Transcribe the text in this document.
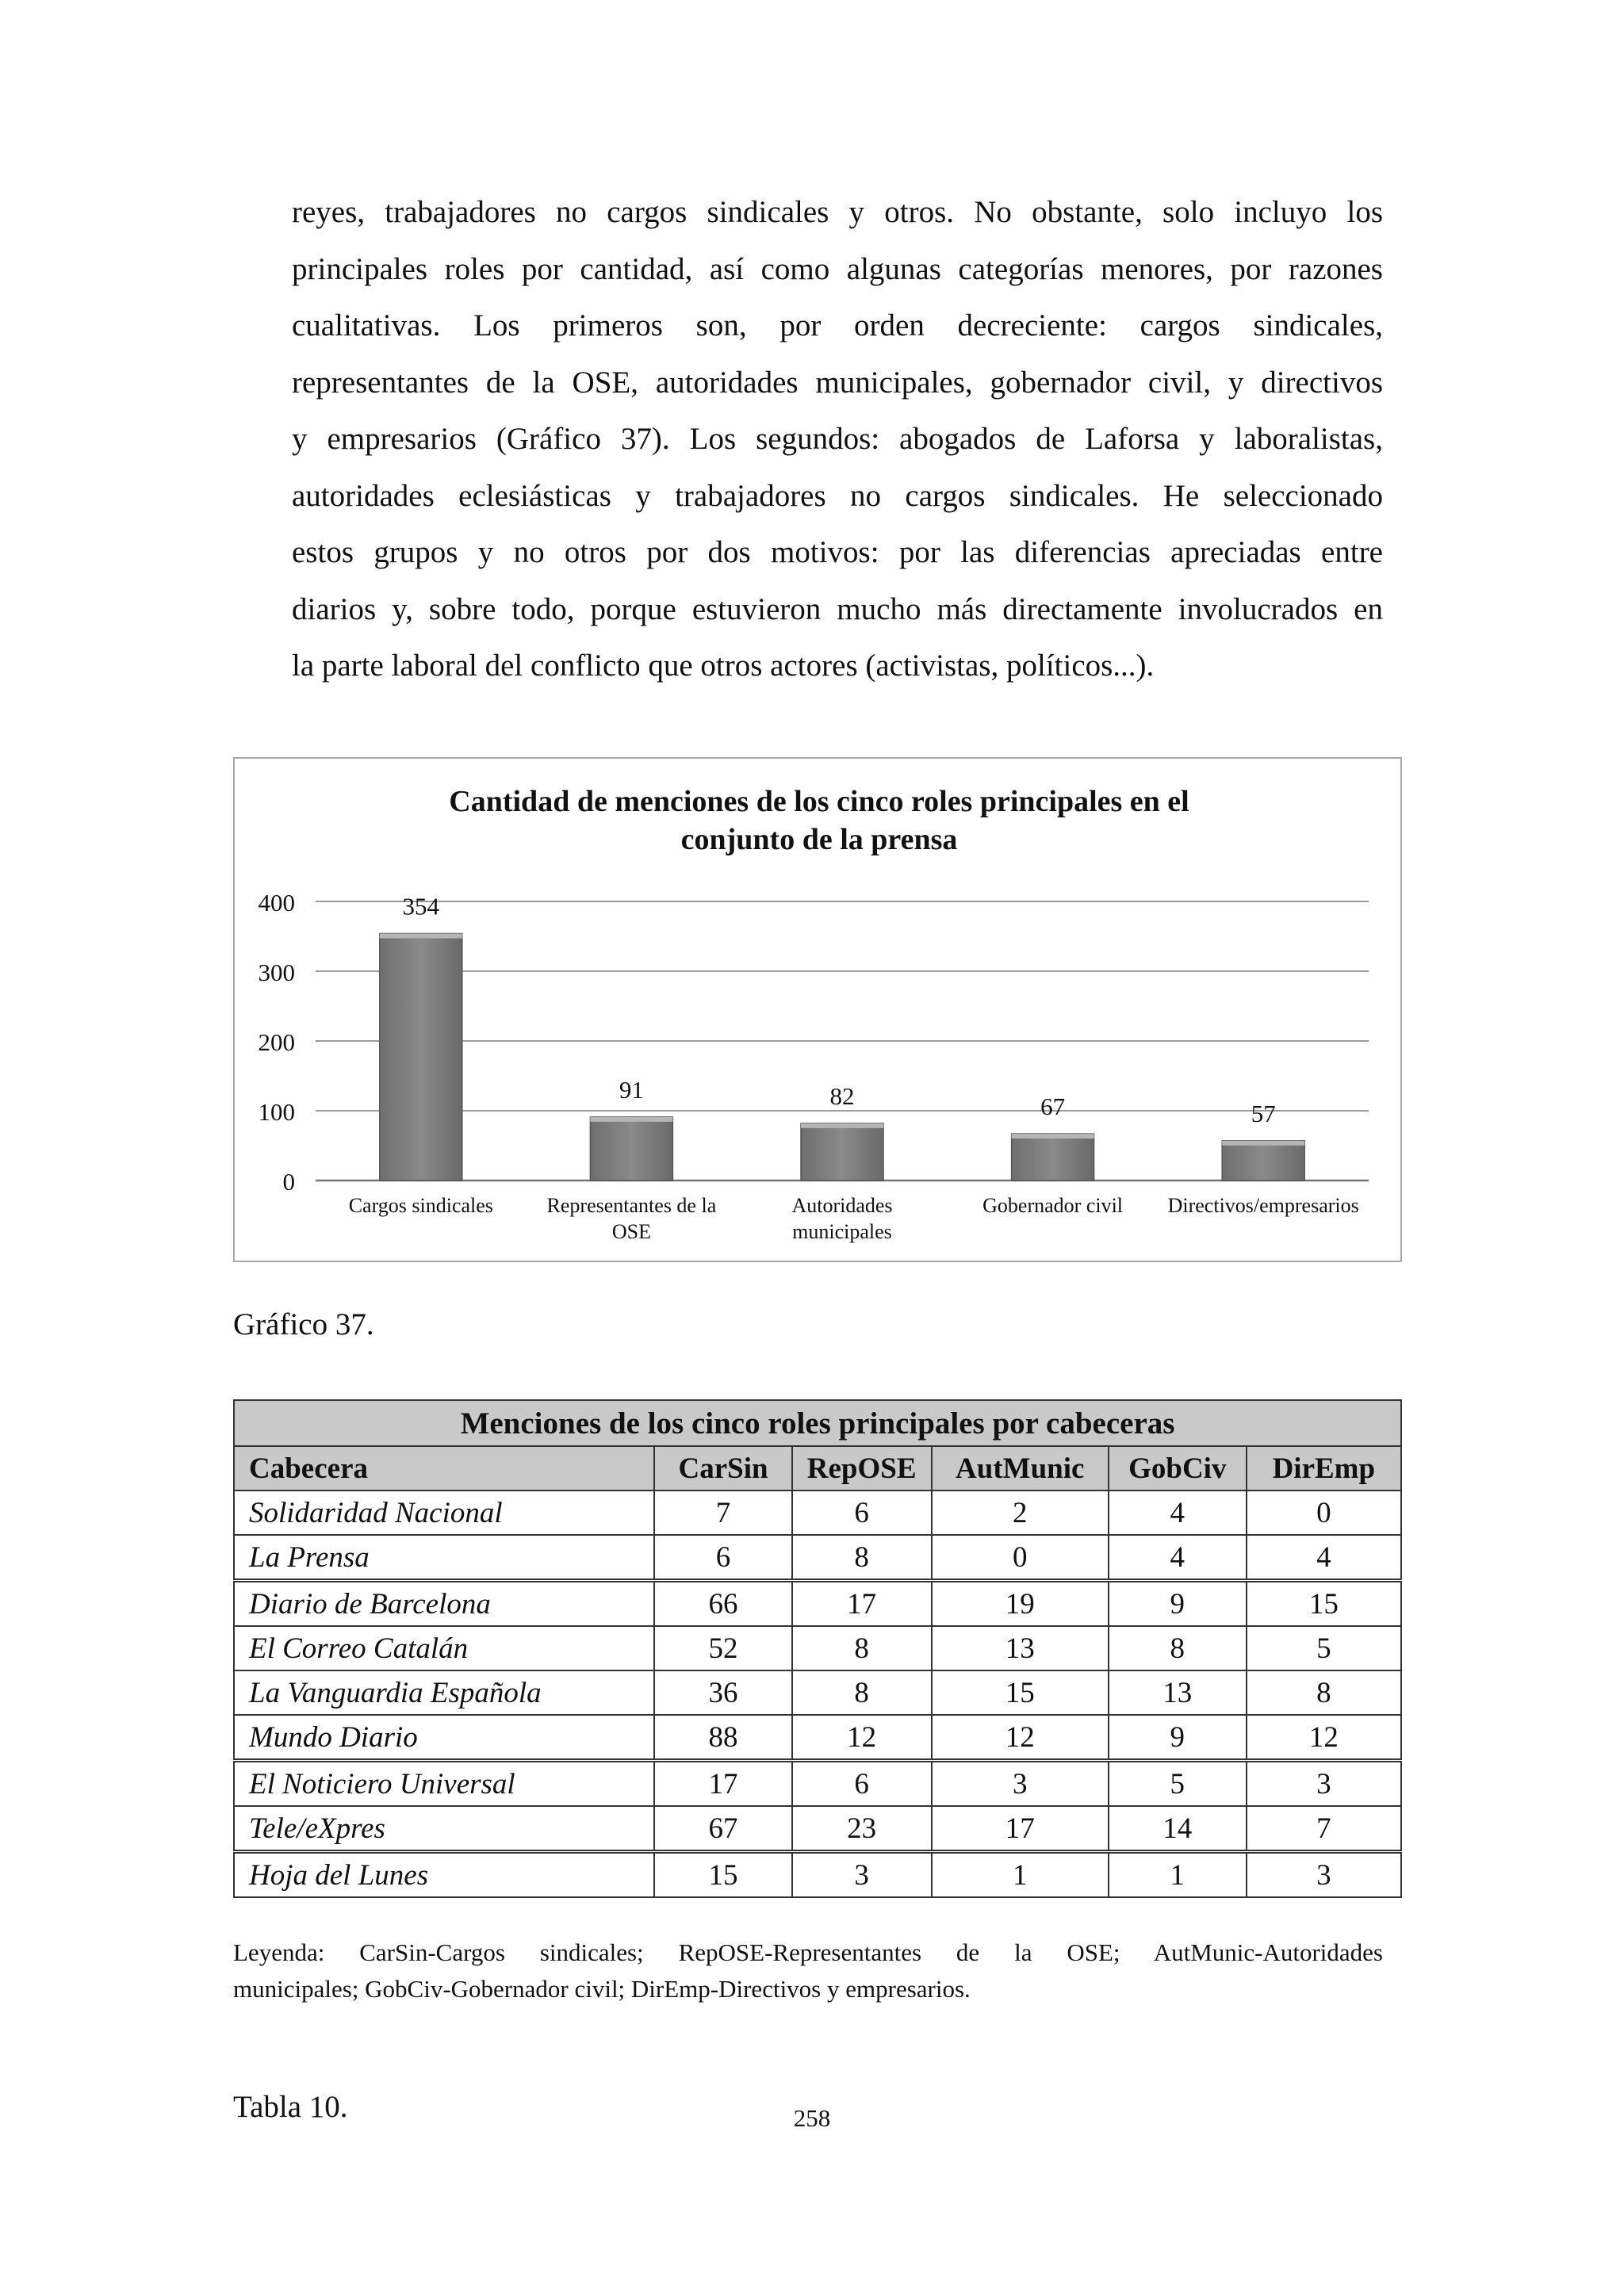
reyes, trabajadores no cargos sindicales y otros. No obstante, solo incluyo los
principales roles por cantidad, así como algunas categorías menores, por razones
cualitativas. Los primeros son, por orden decreciente: cargos sindicales,
representantes de la OSE, autoridades municipales, gobernador civil, y directivos
y empresarios (Gráfico 37). Los segundos: abogados de Laforsa y laboralistas,
autoridades eclesiásticas y trabajadores no cargos sindicales. He seleccionado
estos grupos y no otros por dos motivos: por las diferencias apreciadas entre
diarios y, sobre todo, porque estuvieron mucho más directamente involucrados en
la parte laboral del conflicto que otros actores (activistas, políticos...).
Cantidad de menciones de los cinco roles principales en el
conjunto de la prensa
0
100
200
300
400	354
Cargos sindicales
91
Representantes de la
OSE
82
Autoridades
municipales
67
Gobernador civil
57
Directivos/empresarios
Gráfico 37.
Menciones de los cinco roles principales por cabeceras					
Cabecera	CarSin	RepOSE	AutMunic	GobCiv	DirEmp
Solidaridad Nacional	7	6	2	4	0
La Prensa	6	8	0	4	4
Diario de Barcelona	66	17	19	9	15
El Correo Catalán	52	8	13	8	5
La Vanguardia Española	36	8	15	13	8
Mundo Diario	88	12	12	9	12
El Noticiero Universal	17	6	3	5	3
Tele/eXpres	67	23	17	14	7
Hoja del Lunes	15	3	1	1	3
Leyenda: CarSin-Cargos sindicales; RepOSE-Representantes de la OSE; AutMunic-Autoridades
municipales; GobCiv-Gobernador civil; DirEmp-Directivos y empresarios.
Tabla 10.	258
